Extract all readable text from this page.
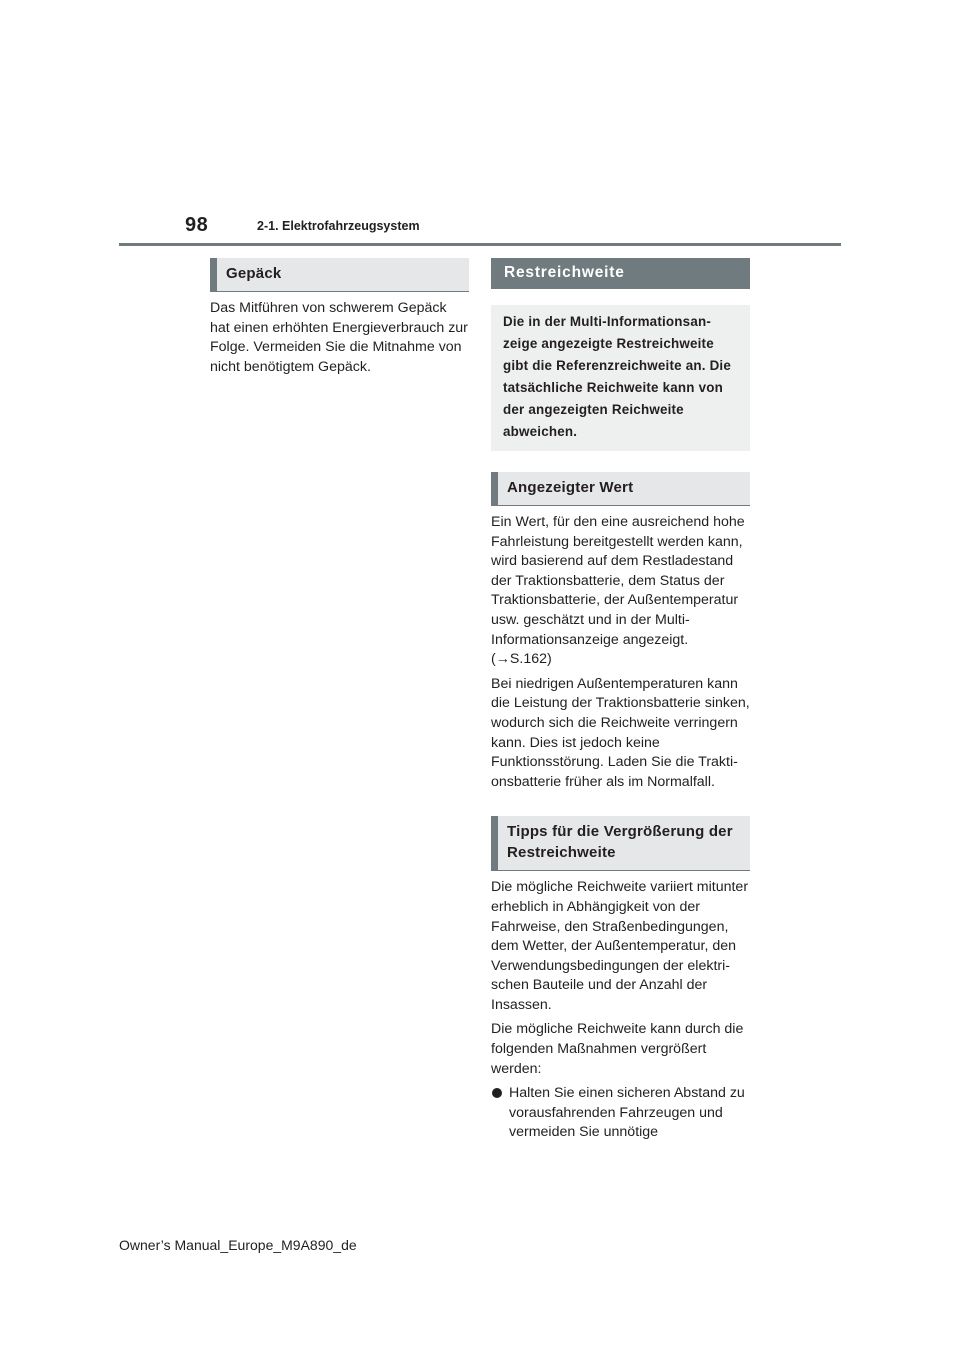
98	2-1. Elektrofahrzeugsystem
Gepäck

Das Mitführen von schwerem Gepäck hat einen erhöhten Energieverbrauch zur Folge. Vermeiden Sie die Mitnahme von nicht benötigtem Gepäck.

Restreichweite
Die in der Multi-Informationsanzeige angezeigte Restreichweite gibt die Referenzreichweite an. Die tatsächliche Reichweite kann von der angezeigten Reichweite abweichen.
Angezeigter Wert

Ein Wert, für den eine ausreichend hohe Fahrleistung bereitgestellt werden kann, wird basierend auf dem Restladestand der Traktionsbatterie, dem Status der Traktionsbatterie, der Außentemperatur usw. geschätzt und in der Multi-Informationsanzeige angezeigt. (→S.162)

Bei niedrigen Außentemperaturen kann die Leistung der Traktionsbatterie sinken, wodurch sich die Reichweite verringern kann. Dies ist jedoch keine Funktionsstörung. Laden Sie die Traktionsbatterie früher als im Normalfall.

Tipps für die Vergrößerung der Restreichweite

Die mögliche Reichweite variiert mitunter erheblich in Abhängigkeit von der Fahrweise, den Straßenbedingungen, dem Wetter, der Außentemperatur, den Verwendungsbedingungen der elektrischen Bauteile und der Anzahl der Insassen.

Die mögliche Reichweite kann durch die folgenden Maßnahmen vergrößert werden:

Halten Sie einen sicheren Abstand zu vorausfahrenden Fahrzeugen und vermeiden Sie unnötige
Owner’s Manual_Europe_M9A890_de
